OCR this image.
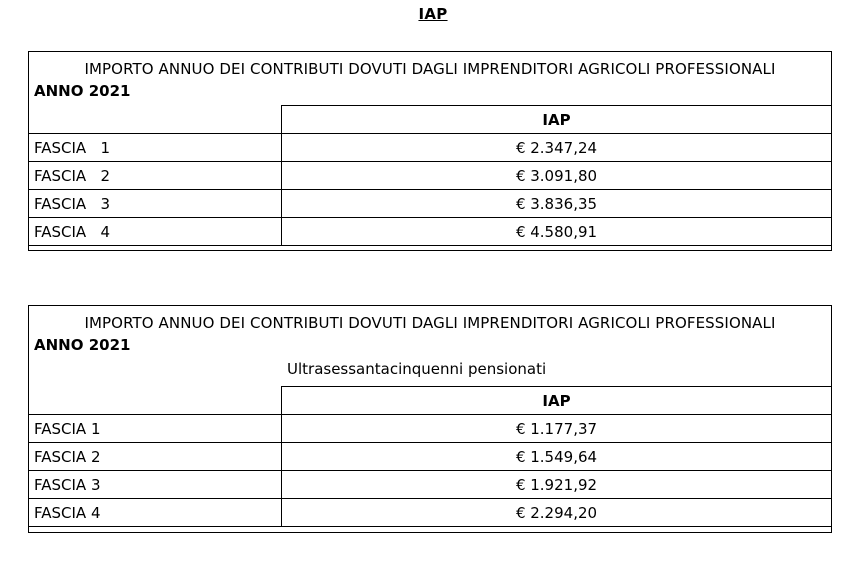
IAP
IMPORTO ANNUO DEI CONTRIBUTI DOVUTI DAGLI IMPRENDITORI AGRICOLI PROFESSIONALI
ANNO 2021
	IAP
FASCIA   1	€ 2.347,24
FASCIA   2	€ 3.091,80
FASCIA   3	€ 3.836,35
FASCIA   4	€ 4.580,91
IMPORTO ANNUO DEI CONTRIBUTI DOVUTI DAGLI IMPRENDITORI AGRICOLI PROFESSIONALI
ANNO 2021
Ultrasessantacinquenni pensionati
	IAP
FASCIA 1	€ 1.177,37
FASCIA 2	€ 1.549,64
FASCIA 3	€ 1.921,92
FASCIA 4	€ 2.294,20
